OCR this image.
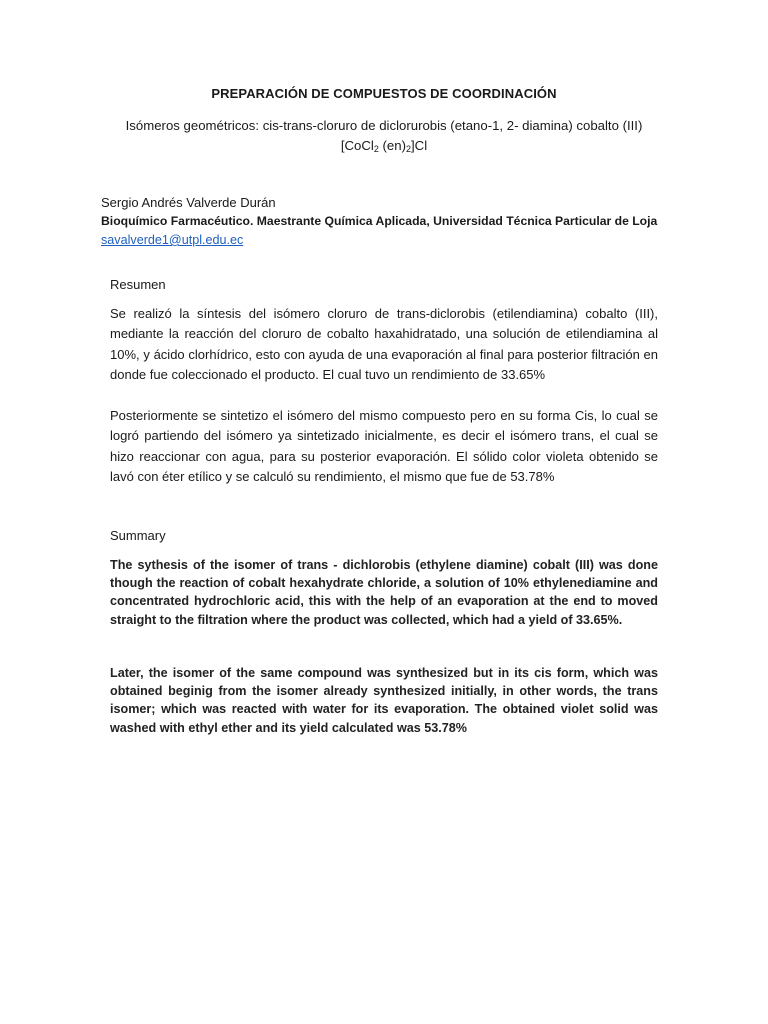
PREPARACIÓN DE COMPUESTOS DE COORDINACIÓN
Isómeros geométricos: cis-trans-cloruro de diclorurobis (etano-1, 2- diamina) cobalto (III)
[CoCl$_2$ $(en)_2]Cl$
Sergio Andrés Valverde Durán
Bioquímico Farmacéutico. Maestrante Química Aplicada, Universidad Técnica Particular de Loja
savalverde1@utpl.edu.ec
Resumen
Se realizó la síntesis del isómero cloruro de trans-diclorobis (etilendiamina) cobalto (III), mediante la reacción del cloruro de cobalto haxahidratado, una solución de etilendiamina al 10%, y ácido clorhídrico, esto con ayuda de una evaporación al final para posterior filtración en donde fue coleccionado el producto. El cual tuvo un rendimiento de 33.65%
Posteriormente se sintetizo el isómero del mismo compuesto pero en su forma Cis, lo cual se logró partiendo del isómero ya sintetizado inicialmente, es decir el isómero trans, el cual se hizo reaccionar con agua, para su posterior evaporación. El sólido color violeta obtenido se lavó con éter etílico y se calculó su rendimiento, el mismo que fue de 53.78%
Summary
The sythesis of the isomer of trans - dichlorobis (ethylene diamine) cobalt (III) was done though the reaction of cobalt hexahydrate chloride, a solution of 10% ethylenediamine and concentrated hydrochloric acid, this with the help of an evaporation at the end to moved straight to the filtration where the product was collected, which had a yield of 33.65%.
Later, the isomer of the same compound was synthesized but in its cis form, which was obtained beginig from the isomer already synthesized initially, in other words, the trans isomer; which was reacted with water for its evaporation. The obtained violet solid was washed with ethyl ether and its yield calculated was 53.78%
